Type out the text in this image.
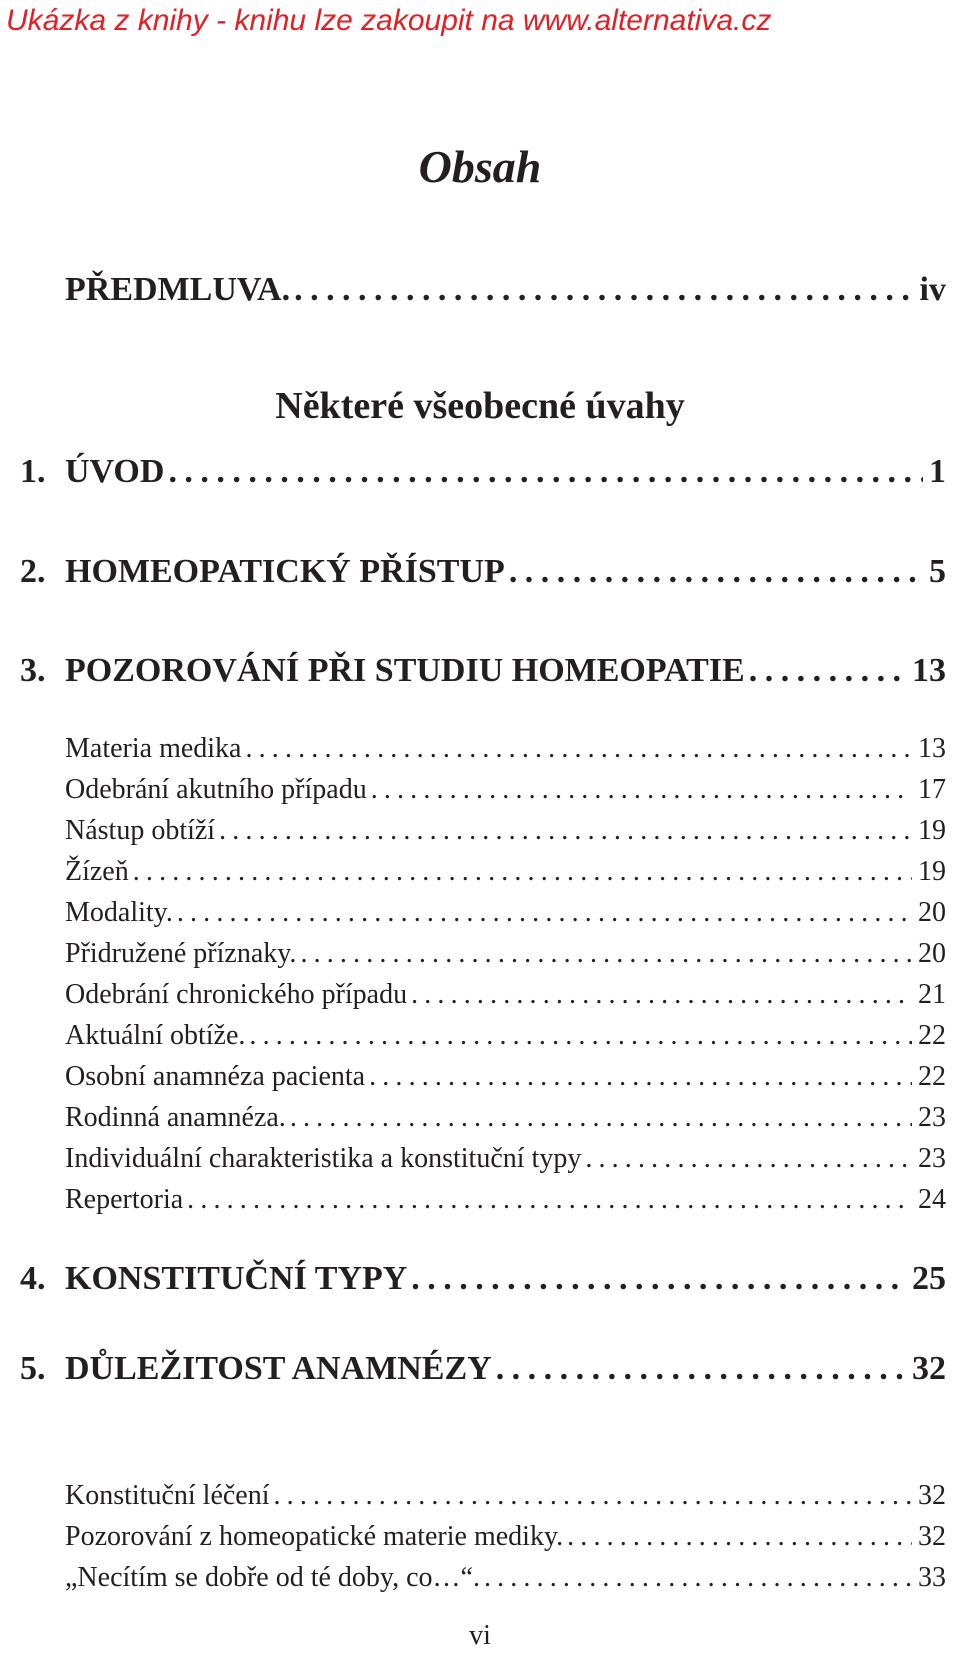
Ukázka z knihy - knihu lze zakoupit na www.alternativa.cz
Obsah
PŘEDMLUVA. .....	iv
Některé všeobecné úvahy
1. ÚVOD .....	1
2. HOMEOPATICKÝ PŘÍSTUP .....	5
3. POZOROVÁNÍ PŘI STUDIU HOMEOPATIE .....	13
Materia medika .....	13
Odebrání akutního případu .....	17
Nástup obtíží .....	19
Žízeň .....	19
Modality. .....	20
Přidružené příznaky. .....	20
Odebrání chronického případu .....	21
Aktuální obtíže. .....	22
Osobní anamnéza pacienta .....	22
Rodinná anamnéza. .....	23
Individuální charakteristika a konstituční typy .....	23
Repertoria .....	24
4. KONSTITUČNÍ TYPY .....	25
5. DŮLEŽITOST ANAMNÉZY .....	32
Konstituční léčení .....	32
Pozorování z homeopatické materie mediky. .....	32
„Necítím se dobře od té doby, co…“. .....	33
vi
